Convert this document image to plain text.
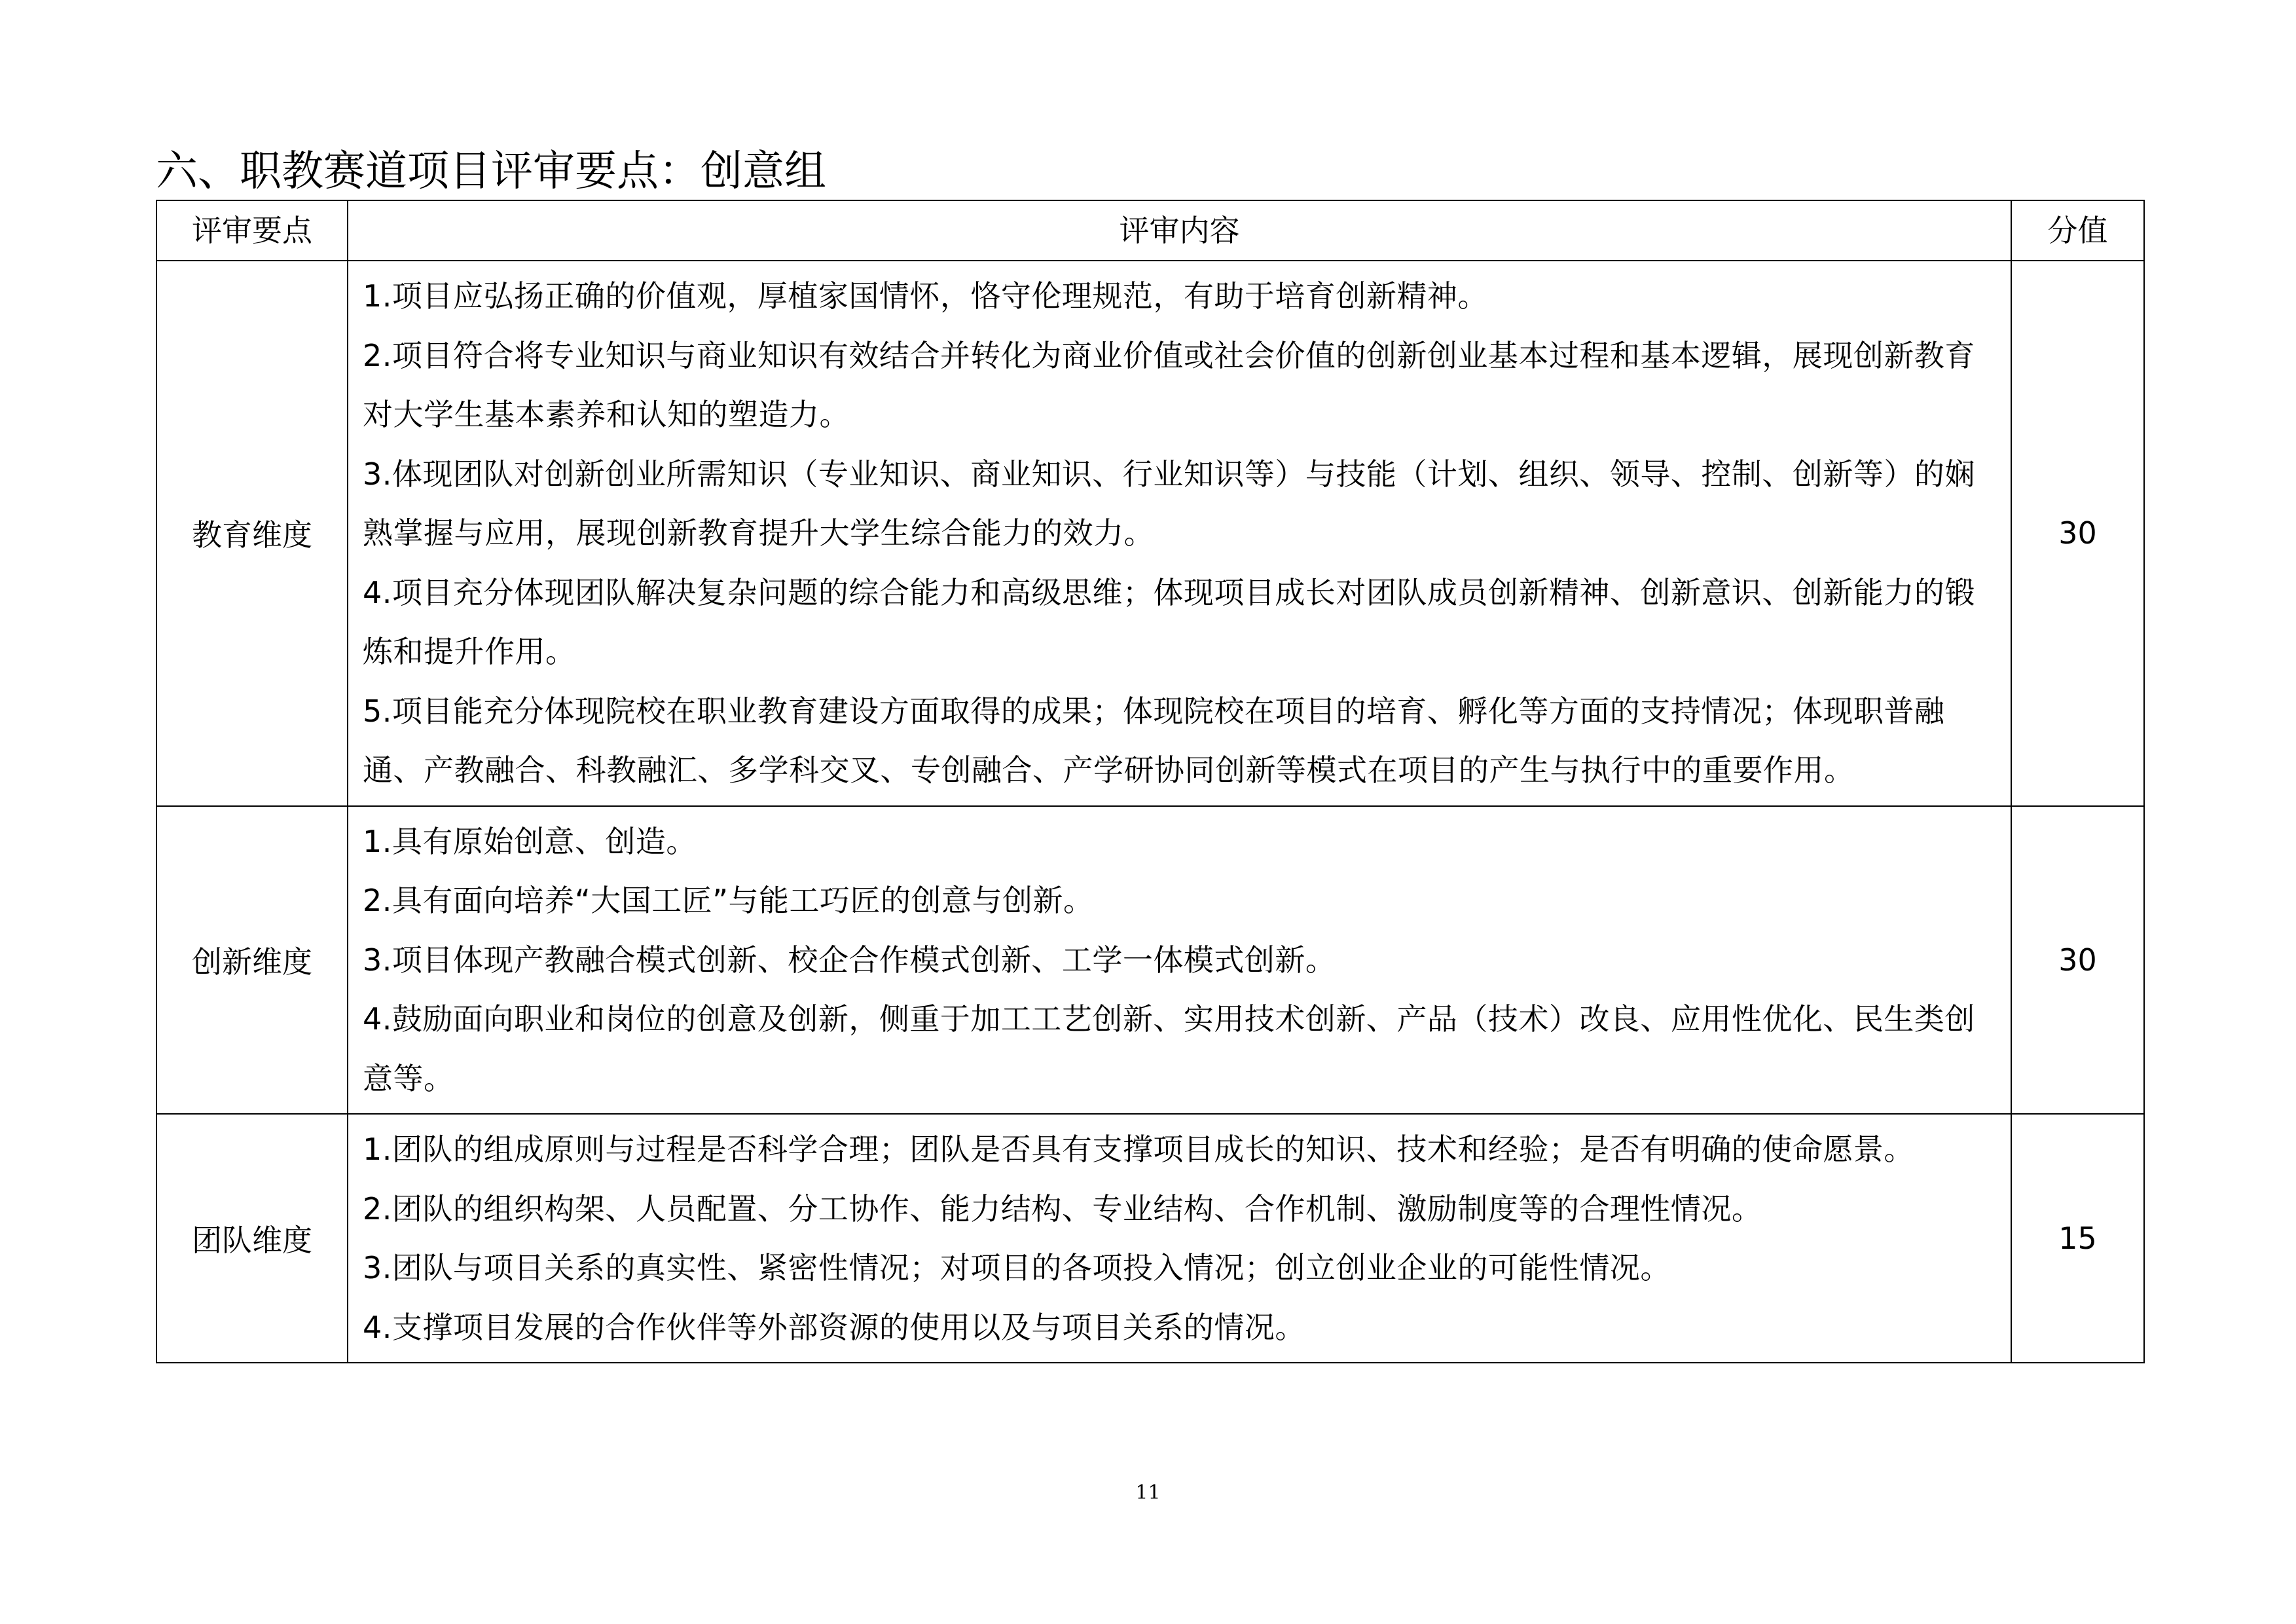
六、职教赛道项目评审要点：创意组
评审要点	评审内容	分值
教育维度	1.项目应弘扬正确的价值观，厚植家国情怀，恪守伦理规范，有助于培育创新精神。
2.项目符合将专业知识与商业知识有效结合并转化为商业价值或社会价值的创新创业基本过程和基本逻辑，展现创新教育对大学生基本素养和认知的塑造力。
3.体现团队对创新创业所需知识（专业知识、商业知识、行业知识等）与技能（计划、组织、领导、控制、创新等）的娴熟掌握与应用，展现创新教育提升大学生综合能力的效力。
4.项目充分体现团队解决复杂问题的综合能力和高级思维；体现项目成长对团队成员创新精神、创新意识、创新能力的锻炼和提升作用。
5.项目能充分体现院校在职业教育建设方面取得的成果；体现院校在项目的培育、孵化等方面的支持情况；体现职普融通、产教融合、科教融汇、多学科交叉、专创融合、产学研协同创新等模式在项目的产生与执行中的重要作用。	30
创新维度	1.具有原始创意、创造。
2.具有面向培养“大国工匠”与能工巧匠的创意与创新。
3.项目体现产教融合模式创新、校企合作模式创新、工学一体模式创新。
4.鼓励面向职业和岗位的创意及创新，侧重于加工工艺创新、实用技术创新、产品（技术）改良、应用性优化、民生类创意等。	30
团队维度	1.团队的组成原则与过程是否科学合理；团队是否具有支撑项目成长的知识、技术和经验；是否有明确的使命愿景。
2.团队的组织构架、人员配置、分工协作、能力结构、专业结构、合作机制、激励制度等的合理性情况。
3.团队与项目关系的真实性、紧密性情况；对项目的各项投入情况；创立创业企业的可能性情况。
4.支撑项目发展的合作伙伴等外部资源的使用以及与项目关系的情况。	15
11
